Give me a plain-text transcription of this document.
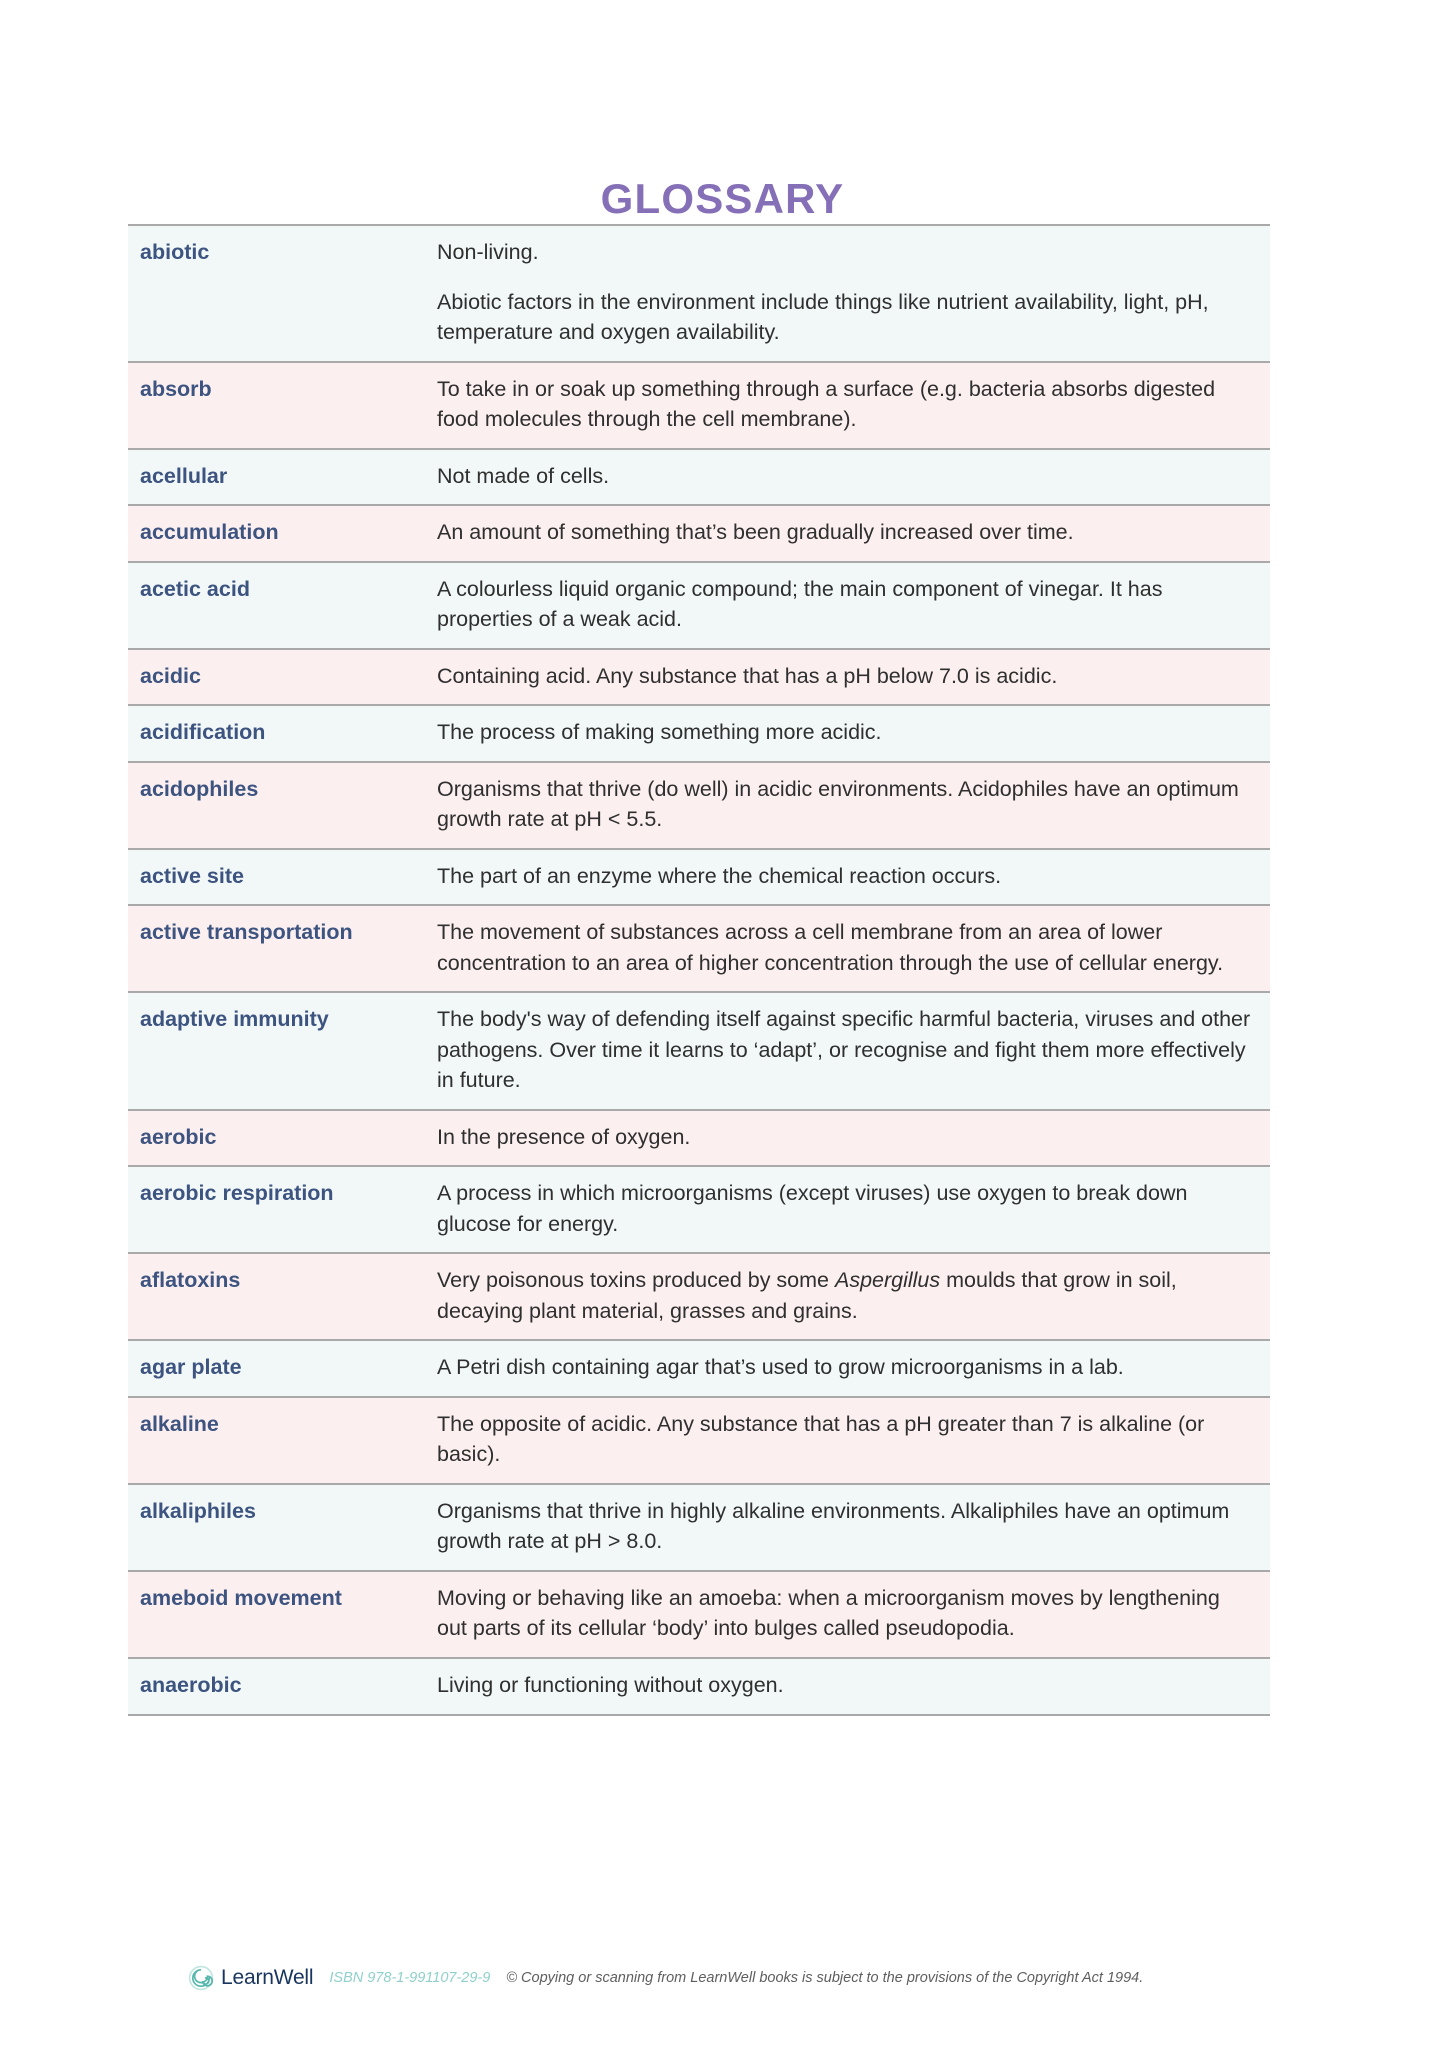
GLOSSARY
abiotic	Non-living.

Abiotic factors in the environment include things like nutrient availability, light, pH, temperature and oxygen availability.

absorb	To take in or soak up something through a surface (e.g. bacteria absorbs digested food molecules through the cell membrane).

acellular	Not made of cells.

accumulation	An amount of something that’s been gradually increased over time.

acetic acid	A colourless liquid organic compound; the main component of vinegar. It has properties of a weak acid.

acidic	Containing acid. Any substance that has a pH below 7.0 is acidic.

acidification	The process of making something more acidic.

acidophiles	Organisms that thrive (do well) in acidic environments. Acidophiles have an optimum growth rate at pH < 5.5.

active site	The part of an enzyme where the chemical reaction occurs.

active transportation	The movement of substances across a cell membrane from an area of lower concentration to an area of higher concentration through the use of cellular energy.

adaptive immunity	The body's way of defending itself against specific harmful bacteria, viruses and other pathogens. Over time it learns to ‘adapt’, or recognise and fight them more effectively in future.

aerobic	In the presence of oxygen.

aerobic respiration	A process in which microorganisms (except viruses) use oxygen to break down glucose for energy.

aflatoxins	Very poisonous toxins produced by some Aspergillus moulds that grow in soil, decaying plant material, grasses and grains.

agar plate	A Petri dish containing agar that’s used to grow microorganisms in a lab.

alkaline	The opposite of acidic. Any substance that has a pH greater than 7 is alkaline (or basic).

alkaliphiles	Organisms that thrive in highly alkaline environments. Alkaliphiles have an optimum growth rate at pH > 8.0.

ameboid movement	Moving or behaving like an amoeba: when a microorganism moves by lengthening out parts of its cellular ‘body’ into bulges called pseudopodia.

anaerobic	Living or functioning without oxygen.

LearnWell ISBN 978-1-991107-29-9 © Copying or scanning from LearnWell books is subject to the provisions of the Copyright Act 1994.
